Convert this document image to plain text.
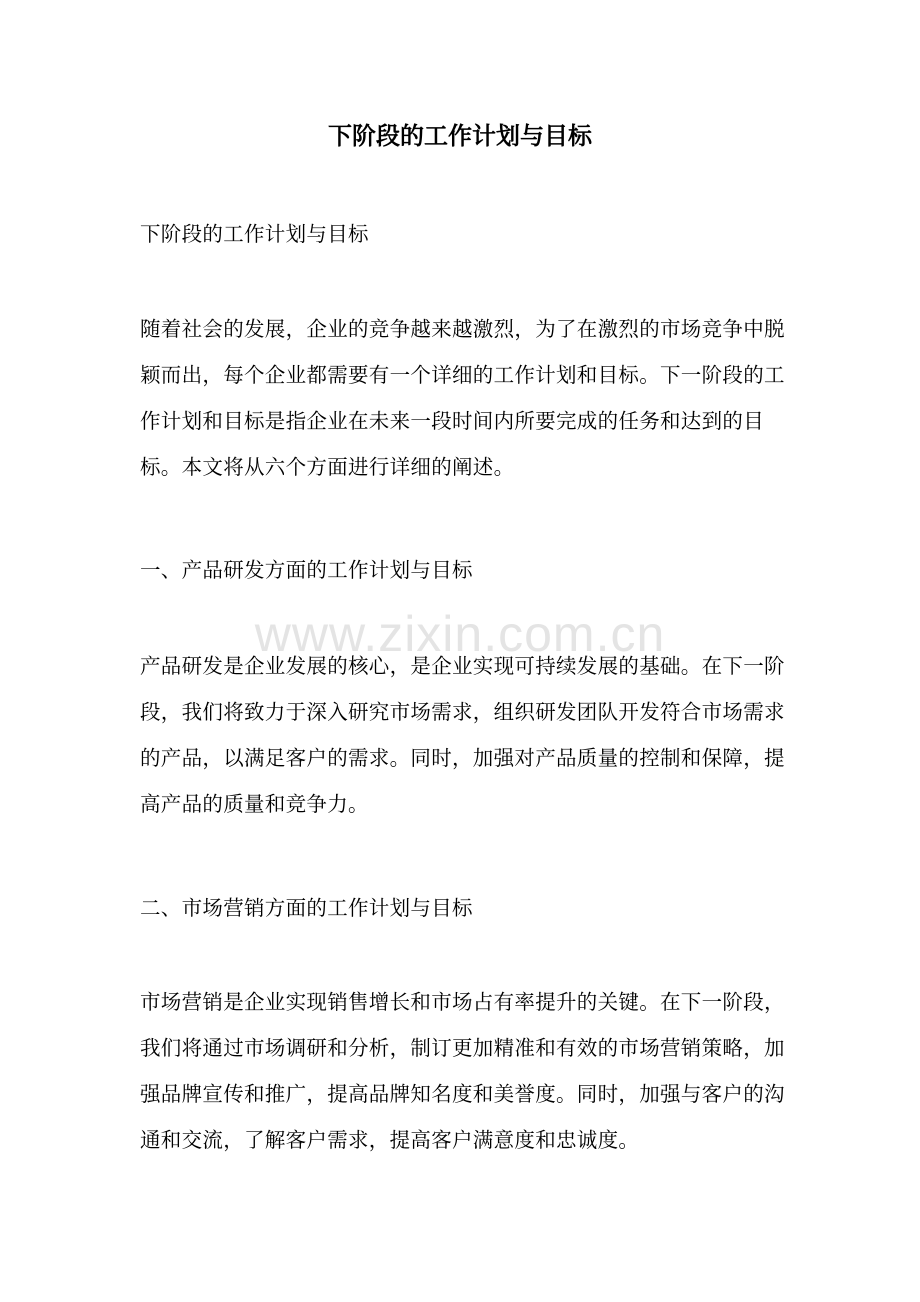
下阶段的工作计划与目标

下阶段的工作计划与目标

随着社会的发展，企业的竞争越来越激烈，为了在激烈的市场竞争中脱颖而出，每个企业都需要有一个详细的工作计划和目标。下一阶段的工作计划和目标是指企业在未来一段时间内所要完成的任务和达到的目标。本文将从六个方面进行详细的阐述。

一、产品研发方面的工作计划与目标

产品研发是企业发展的核心，是企业实现可持续发展的基础。在下一阶段，我们将致力于深入研究市场需求，组织研发团队开发符合市场需求的产品，以满足客户的需求。同时，加强对产品质量的控制和保障，提高产品的质量和竞争力。

二、市场营销方面的工作计划与目标

市场营销是企业实现销售增长和市场占有率提升的关键。在下一阶段，我们将通过市场调研和分析，制订更加精准和有效的市场营销策略，加强品牌宣传和推广，提高品牌知名度和美誉度。同时，加强与客户的沟通和交流，了解客户需求，提高客户满意度和忠诚度。

www.zixin.com.cn
